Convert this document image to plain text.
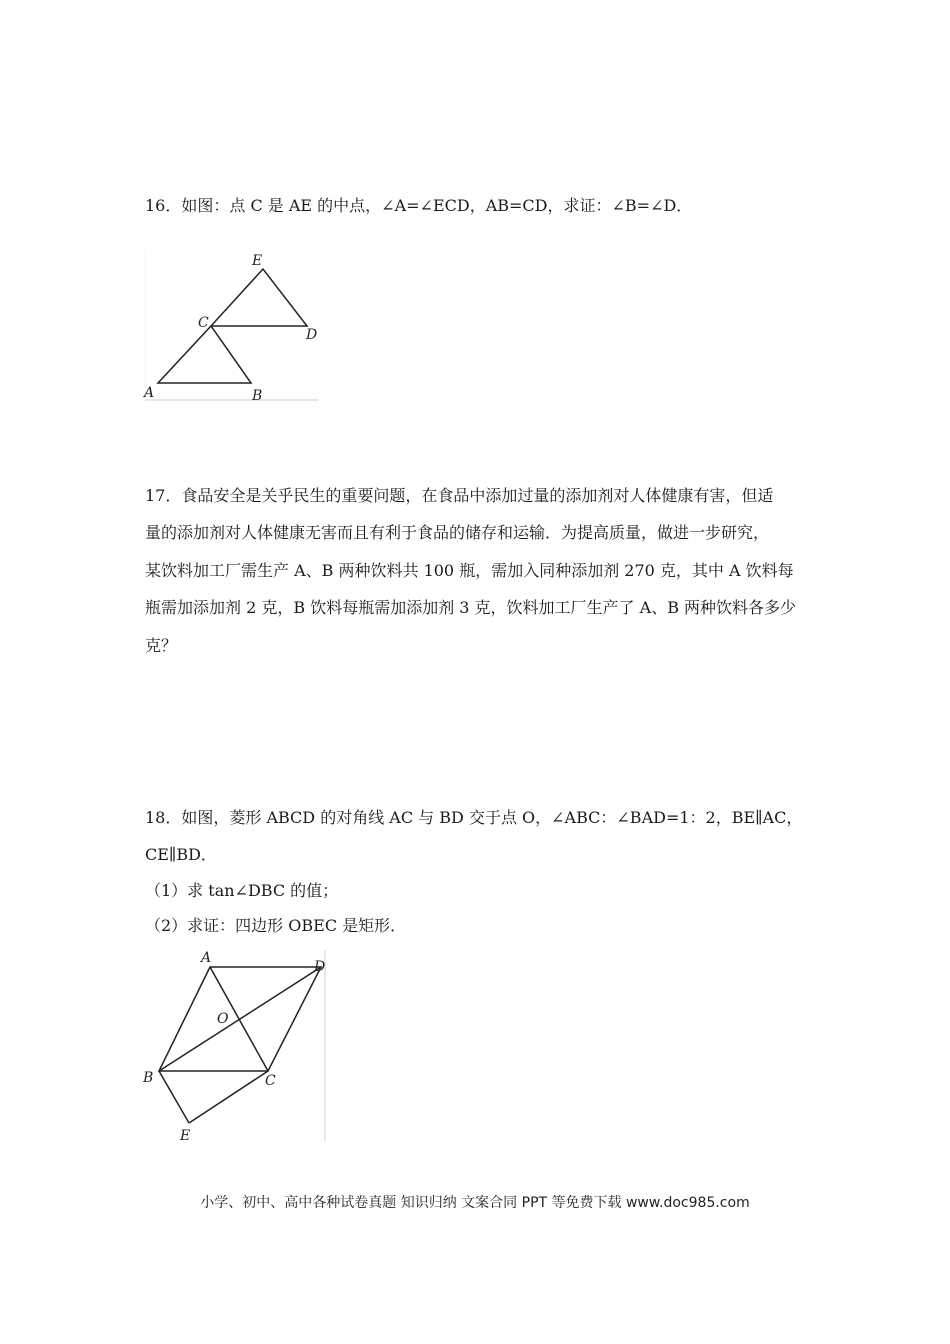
16．如图：点 C 是 AE 的中点，∠A=∠ECD，AB=CD，求证：∠B=∠D．
E
C
D
A	B
17．食品安全是关乎民生的重要问题，在食品中添加过量的添加剂对人体健康有害，但适
量的添加剂对人体健康无害而且有利于食品的储存和运输．为提高质量，做进一步研究，
某饮料加工厂需生产 A、B 两种饮料共 100 瓶，需加入同种添加剂 270 克，其中 A 饮料每
瓶需加添加剂 2 克，B 饮料每瓶需加添加剂 3 克，饮料加工厂生产了 A、B 两种饮料各多少
克？
18．如图，菱形 ABCD 的对角线 AC 与 BD 交于点 O，∠ABC：∠BAD=1：2，BE∥AC，
CE∥BD．
（1）求 tan∠DBC 的值；
（2）求证：四边形 OBEC 是矩形．
A
D
O
B	C
E
小学、初中、高中各种试卷真题 知识归纳 文案合同 PPT 等免费下载 www.doc985.com
